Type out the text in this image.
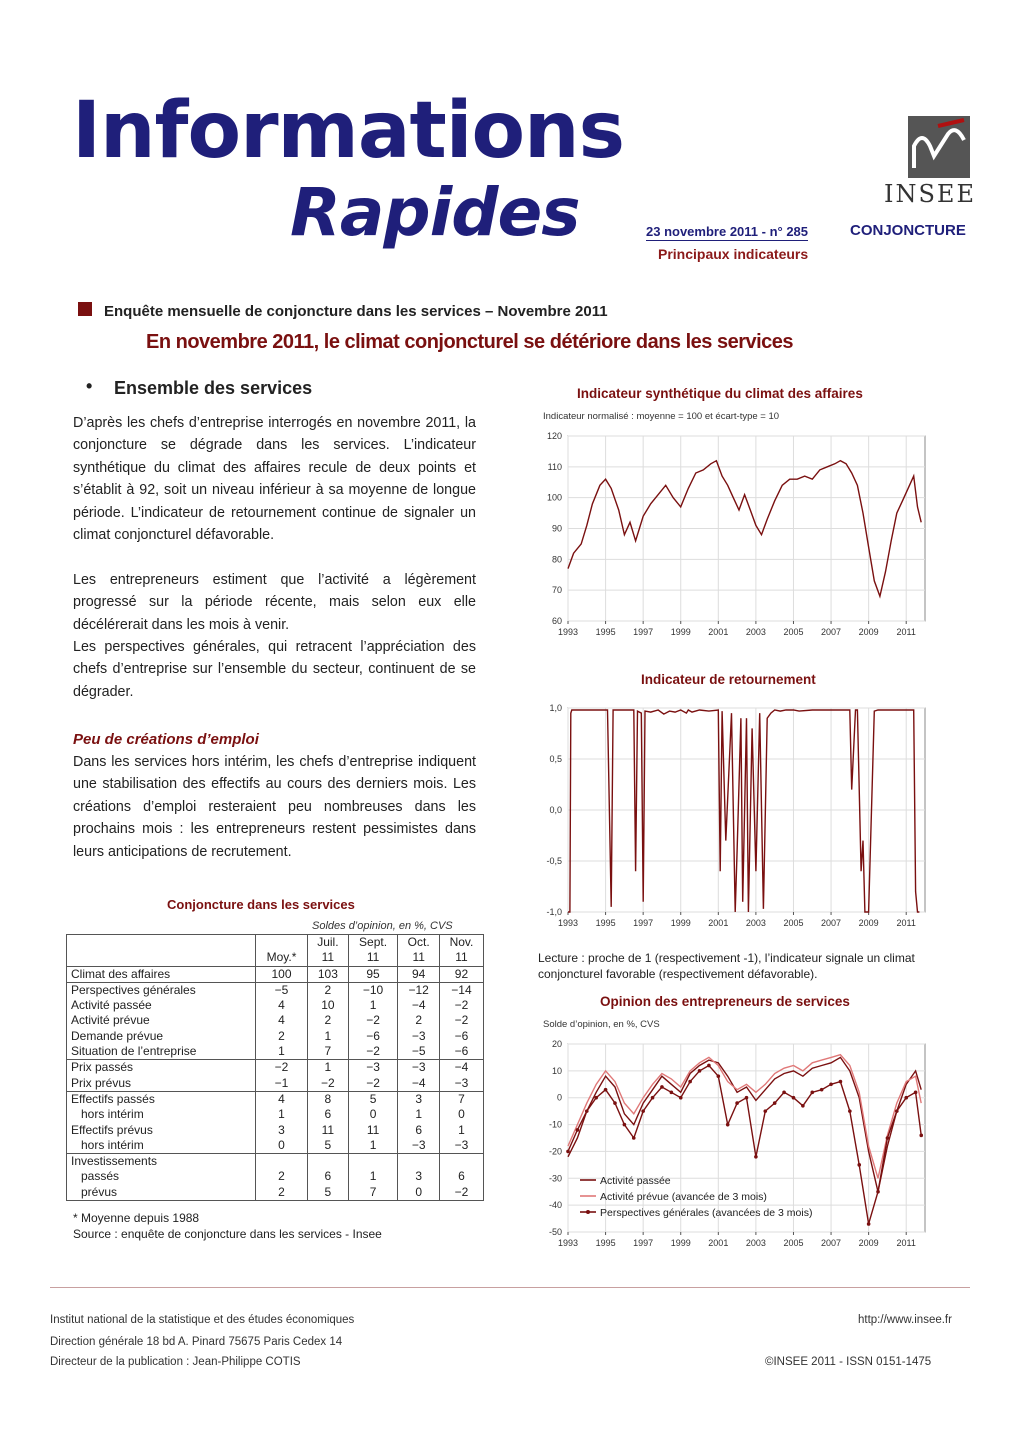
Informations
Rapides	23 novembre 2011 - n° 285
Principaux indicateurs
INSEE
CONJONCTURE
Enquête mensuelle de conjoncture dans les services – Novembre 2011
En novembre 2011, le climat conjoncturel se détériore dans les services
• Ensemble des services
D’après les chefs d’entreprise interrogés en novembre 2011, la conjoncture se dégrade dans les services. L’indicateur synthétique du climat des affaires recule de deux points et s’établit à 92, soit un niveau inférieur à sa moyenne de longue période. L’indicateur de retournement continue de signaler un climat conjoncturel défavorable.
Les entrepreneurs estiment que l’activité a légèrement progressé sur la période récente, mais selon eux elle décélérerait dans les mois à venir.
Les perspectives générales, qui retracent l’appréciation des chefs d’entreprise sur l’ensemble du secteur, continuent de se dégrader.
Peu de créations d’emploi
Dans les services hors intérim, les chefs d’entreprise indiquent une stabilisation des effectifs au cours des derniers mois. Les créations d’emploi resteraient peu nombreuses dans les prochains mois : les entrepreneurs restent pessimistes dans leurs anticipations de recrutement.
Conjoncture dans les services
Soldes d’opinion, en %, CVS
		Juil.	Sept.	Oct.	Nov.
	Moy.*	11	11	11	11
Climat des affaires	100	103	95	94	92
Perspectives générales	−5	2	−10	−12	−14
Activité passée	4	10	1	−4	−2
Activité prévue	4	2	−2	2	−2
Demande prévue	2	1	−6	−3	−6
Situation de l’entreprise	1	7	−2	−5	−6
Prix passés	−2	1	−3	−3	−4
Prix prévus	−1	−2	−2	−4	−3
Effectifs passés	4	8	5	3	7
hors intérim	1	6	0	1	0
Effectifs prévus	3	11	11	6	1
hors intérim	0	5	1	−3	−3
Investissements					
passés	2	6	1	3	6
prévus	2	5	7	0	−2
* Moyenne depuis 1988
Source : enquête de conjoncture dans les services - Insee
Indicateur synthétique du climat des affaires
Indicateur normalisé : moyenne = 100 et écart-type = 10
60
70
80
90
100
110
120
1993 1995 1997 1999 2001 2003 2005 2007 2009 2011
Indicateur de retournement
-1,0
-0,5
0,0
0,5
1,0
1993 1995 1997 1999 2001 2003 2005 2007 2009 2011
Lecture : proche de 1 (respectivement -1), l’indicateur signale un climat conjoncturel favorable (respectivement défavorable).
Opinion des entrepreneurs de services
Solde d’opinion, en %, CVS
-50
-40
-30
-20
-10
0
10
20
1993 1995 1997 1999 2001 2003 2005 2007 2009 2011
Activité passée
Activité prévue (avancée de 3 mois)
Perspectives générales (avancées de 3 mois)
Institut national de la statistique et des études économiques
Direction générale 18 bd A. Pinard 75675 Paris Cedex 14
Directeur de la publication : Jean-Philippe COTIS
http://www.insee.fr
©INSEE 2011 - ISSN 0151-1475
